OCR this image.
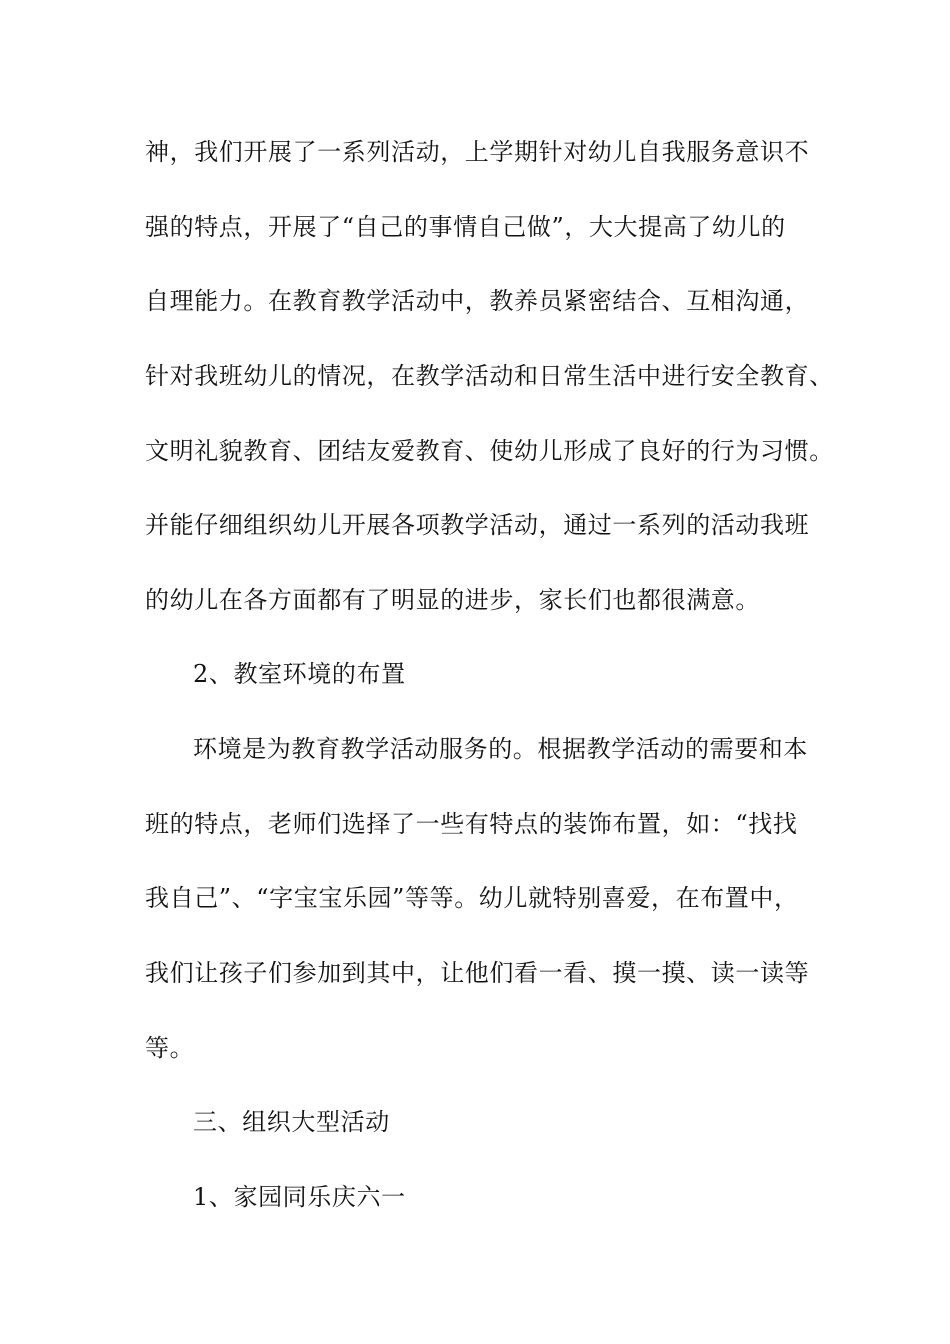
神，我们开展了一系列活动，上学期针对幼儿自我服务意识不
强的特点，开展了“自己的事情自己做”，大大提高了幼儿的
自理能力。在教育教学活动中，教养员紧密结合、互相沟通，
针对我班幼儿的情况，在教学活动和日常生活中进行安全教育、
文明礼貌教育、团结友爱教育、使幼儿形成了良好的行为习惯。
并能仔细组织幼儿开展各项教学活动，通过一系列的活动我班
的幼儿在各方面都有了明显的进步，家长们也都很满意。
2、教室环境的布置
环境是为教育教学活动服务的。根据教学活动的需要和本
班的特点，老师们选择了一些有特点的装饰布置，如：“找找
我自己”、“字宝宝乐园”等等。幼儿就特别喜爱，在布置中，
我们让孩子们参加到其中，让他们看一看、摸一摸、读一读等
等。
三、组织大型活动
1、家园同乐庆六一
